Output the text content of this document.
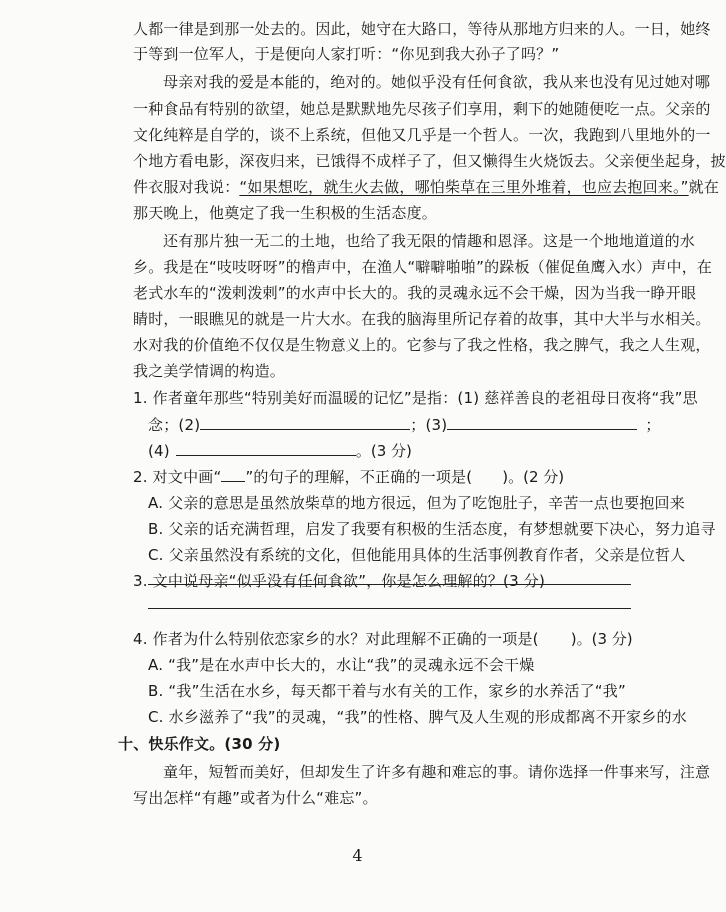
人都一律是到那一处去的。因此，她守在大路口，等待从那地方归来的人。一日，她终
于等到一位军人，于是便向人家打听：“你见到我大孙子了吗？”
母亲对我的爱是本能的，绝对的。她似乎没有任何食欲，我从来也没有见过她对哪
一种食品有特别的欲望，她总是默默地先尽孩子们享用，剩下的她随便吃一点。父亲的
文化纯粹是自学的，谈不上系统，但他又几乎是一个哲人。一次，我跑到八里地外的一
个地方看电影，深夜归来，已饿得不成样子了，但又懒得生火烧饭去。父亲便坐起身，披
件衣服对我说：“如果想吃，就生火去做，哪怕柴草在三里外堆着，也应去抱回来。”就在
那天晚上，他奠定了我一生积极的生活态度。
还有那片独一无二的土地，也给了我无限的情趣和恩泽。这是一个地地道道的水
乡。我是在“吱吱呀呀”的橹声中，在渔人“噼噼啪啪”的跺板（催促鱼鹰入水）声中，在
老式水车的“泼剌泼剌”的水声中长大的。我的灵魂永远不会干燥，因为当我一睁开眼
睛时，一眼瞧见的就是一片大水。在我的脑海里所记存着的故事，其中大半与水相关。
水对我的价值绝不仅仅是生物意义上的。它参与了我之性格，我之脾气，我之人生观，
我之美学情调的构造。
1. 作者童年那些“特别美好而温暖的记忆”是指：(1) 慈祥善良的老祖母日夜将“我”思
念；(2)	；(3)	；
(4)	。(3 分)
2. 对文中画“ ”的句子的理解，不正确的一项是( )。(2 分)
A. 父亲的意思是虽然放柴草的地方很远，但为了吃饱肚子，辛苦一点也要抱回来
B. 父亲的话充满哲理，启发了我要有积极的生活态度，有梦想就要下决心，努力追寻
C. 父亲虽然没有系统的文化，但他能用具体的生活事例教育作者，父亲是位哲人
3. 文中说母亲“似乎没有任何食欲”，你是怎么理解的？(3 分)
4. 作者为什么特别依恋家乡的水？对此理解不正确的一项是( )。(3 分)
A. “我”是在水声中长大的，水让“我”的灵魂永远不会干燥
B. “我”生活在水乡，每天都干着与水有关的工作，家乡的水养活了“我”
C. 水乡滋养了“我”的灵魂，“我”的性格、脾气及人生观的形成都离不开家乡的水
十、快乐作文。(30 分)
童年，短暂而美好，但却发生了许多有趣和难忘的事。请你选择一件事来写，注意
写出怎样“有趣”或者为什么“难忘”。
4
